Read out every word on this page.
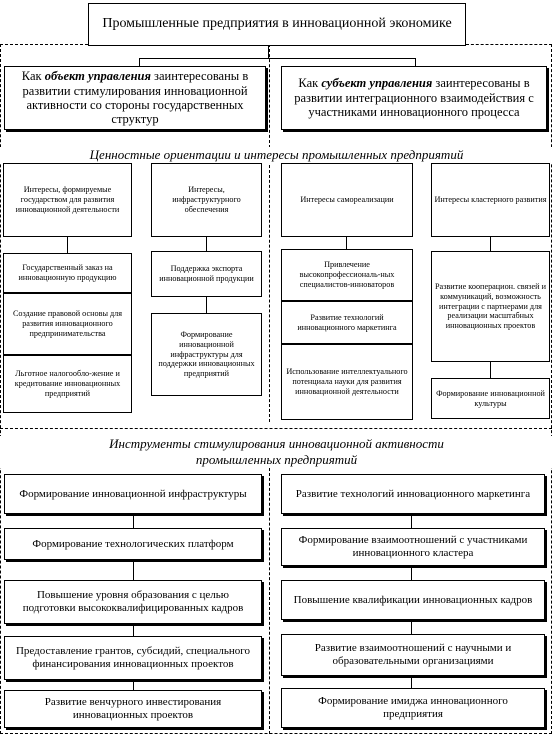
Промышленные предприятия в инновационной экономике
Как объект управления заинтересованы в развитии стимулирования инновационной активности со стороны государственных структур
Как субъект управления заинтересованы в развитии интеграционного взаимодействия с участниками инновационного процесса
Ценностные ориентации и интересы промышленных предприятий
Интересы, формируемые государством для развития инновационной деятельности
Интересы, инфраструктурного обеспечения
Интересы самореализации	Интересы кластерного развития
Государственный заказ на инновационную продукцию
Создание правовой основы для развития инновационного предпринимательства
Льготное налогообло-жение и кредитование инновационных предприятий
Поддержка экспорта инновационной продукции
Формирование инновационной инфраструктуры для поддержки инновационных предприятий
Привлечение высокопрофессиональ-ных специалистов-инноваторов
Развитие технологий инновационного маркетинга
Использование интеллектуального потенциала науки для развития инновационной деятельности
Развитие кооперацион. связей и коммуникаций, возможность интеграции с партнерами для реализации масштабных инновационных проектов
Формирование инновационной культуры
Инструменты стимулирования инновационной активности
промышленных предприятий
Формирование инновационной инфраструктуры
Формирование технологических платформ
Повышение уровня образования с целью подготовки высококвалифицированных кадров
Предоставление грантов, субсидий, специального финансирования инновационных проектов
Развитие венчурного инвестирования инновационных проектов
Развитие технологий инновационного маркетинга
Формирование взаимоотношений с участниками инновационного кластера
Повышение квалификации инновационных кадров
Развитие взаимоотношений с научными и образовательными организациями
Формирование имиджа инновационного предприятия
